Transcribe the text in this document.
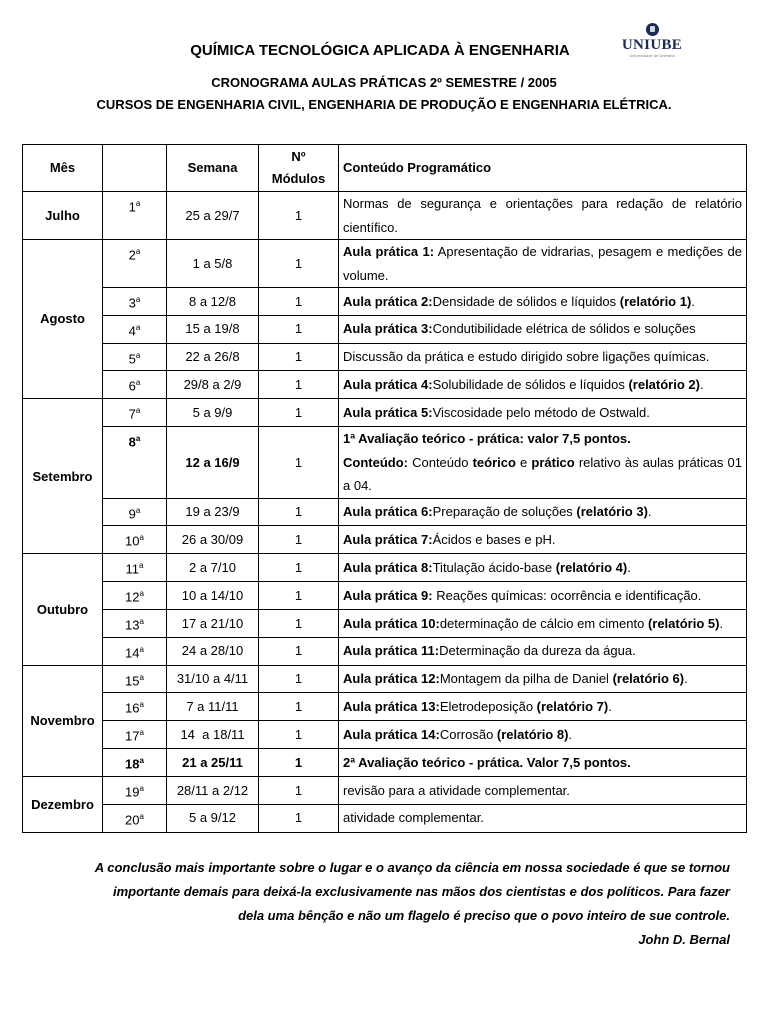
QUÍMICA TECNOLÓGICA APLICADA À ENGENHARIA
CRONOGRAMA AULAS PRÁTICAS 2º SEMESTRE / 2005
CURSOS DE ENGENHARIA CIVIL, ENGENHARIA DE PRODUÇÃO E ENGENHARIA ELÉTRICA.
UNIUBE
Universidade de Uberaba
Mês		Semana	Nº Módulos	Conteúdo Programático
Julho	1$^a$	25 a 29/7	1	Normas de segurança e orientações para redação de relatório científico.
Agosto	2$^a$	1 a 5/8	1	Aula prática 1: Apresentação de vidrarias, pesagem e medições de volume.
	3$^a$	8 a 12/8	1	Aula prática 2:Densidade de sólidos e líquidos (relatório 1).
	4$^a$	15 a 19/8	1	Aula prática 3:Condutibilidade elétrica de sólidos e soluções
	5$^a$	22 a 26/8	1	Discussão da prática e estudo dirigido sobre ligações químicas.
	6$^a$	29/8 a 2/9	1	Aula prática 4:Solubilidade de sólidos e líquidos (relatório 2).
Setembro	7$^a$	5 a 9/9	1	Aula prática 5:Viscosidade pelo método de Ostwald.
	8$^a$	12 a 16/9	1	1ª Avaliação teórico - prática: valor 7,5 pontos.
Conteúdo: Conteúdo teórico e prático relativo às aulas práticas 01 a 04.

	9$^a$	19 a 23/9	1	Aula prática 6:Preparação de soluções (relatório 3).
	10$^a$	26 a 30/09	1	Aula prática 7:Ácidos e bases e pH.
Outubro	11$^a$	2 a 7/10	1	Aula prática 8:Titulação ácido-base (relatório 4).
	12$^a$	10 a 14/10	1	Aula prática 9: Reações químicas: ocorrência e identificação.
	13$^a$	17 a 21/10	1	Aula prática 10:determinação de cálcio em cimento (relatório 5).
	14$^a$	24 a 28/10	1	Aula prática 11:Determinação da dureza da água.
Novembro	15$^a$	31/10 a 4/11	1	Aula prática 12:Montagem da pilha de Daniel (relatório 6).
	16$^a$	7 a 11/11	1	Aula prática 13:Eletrodeposição (relatório 7).
	17$^a$	14  a 18/11	1	Aula prática 14:Corrosão (relatório 8).
	18$^a$	21 a 25/11	1	2ª Avaliação teórico - prática. Valor 7,5 pontos.
Dezembro	19$^a$	28/11 a 2/12	1	revisão para a atividade complementar.
	20$^a$	5 a 9/12	1	atividade complementar.
A conclusão mais importante sobre o lugar e o avanço da ciência em nossa sociedade é que se tornou
importante demais para deixá-la exclusivamente nas mãos dos cientistas e dos políticos. Para fazer
dela uma bênção e não um flagelo é preciso que o povo inteiro de sue controle.
John D. Bernal
